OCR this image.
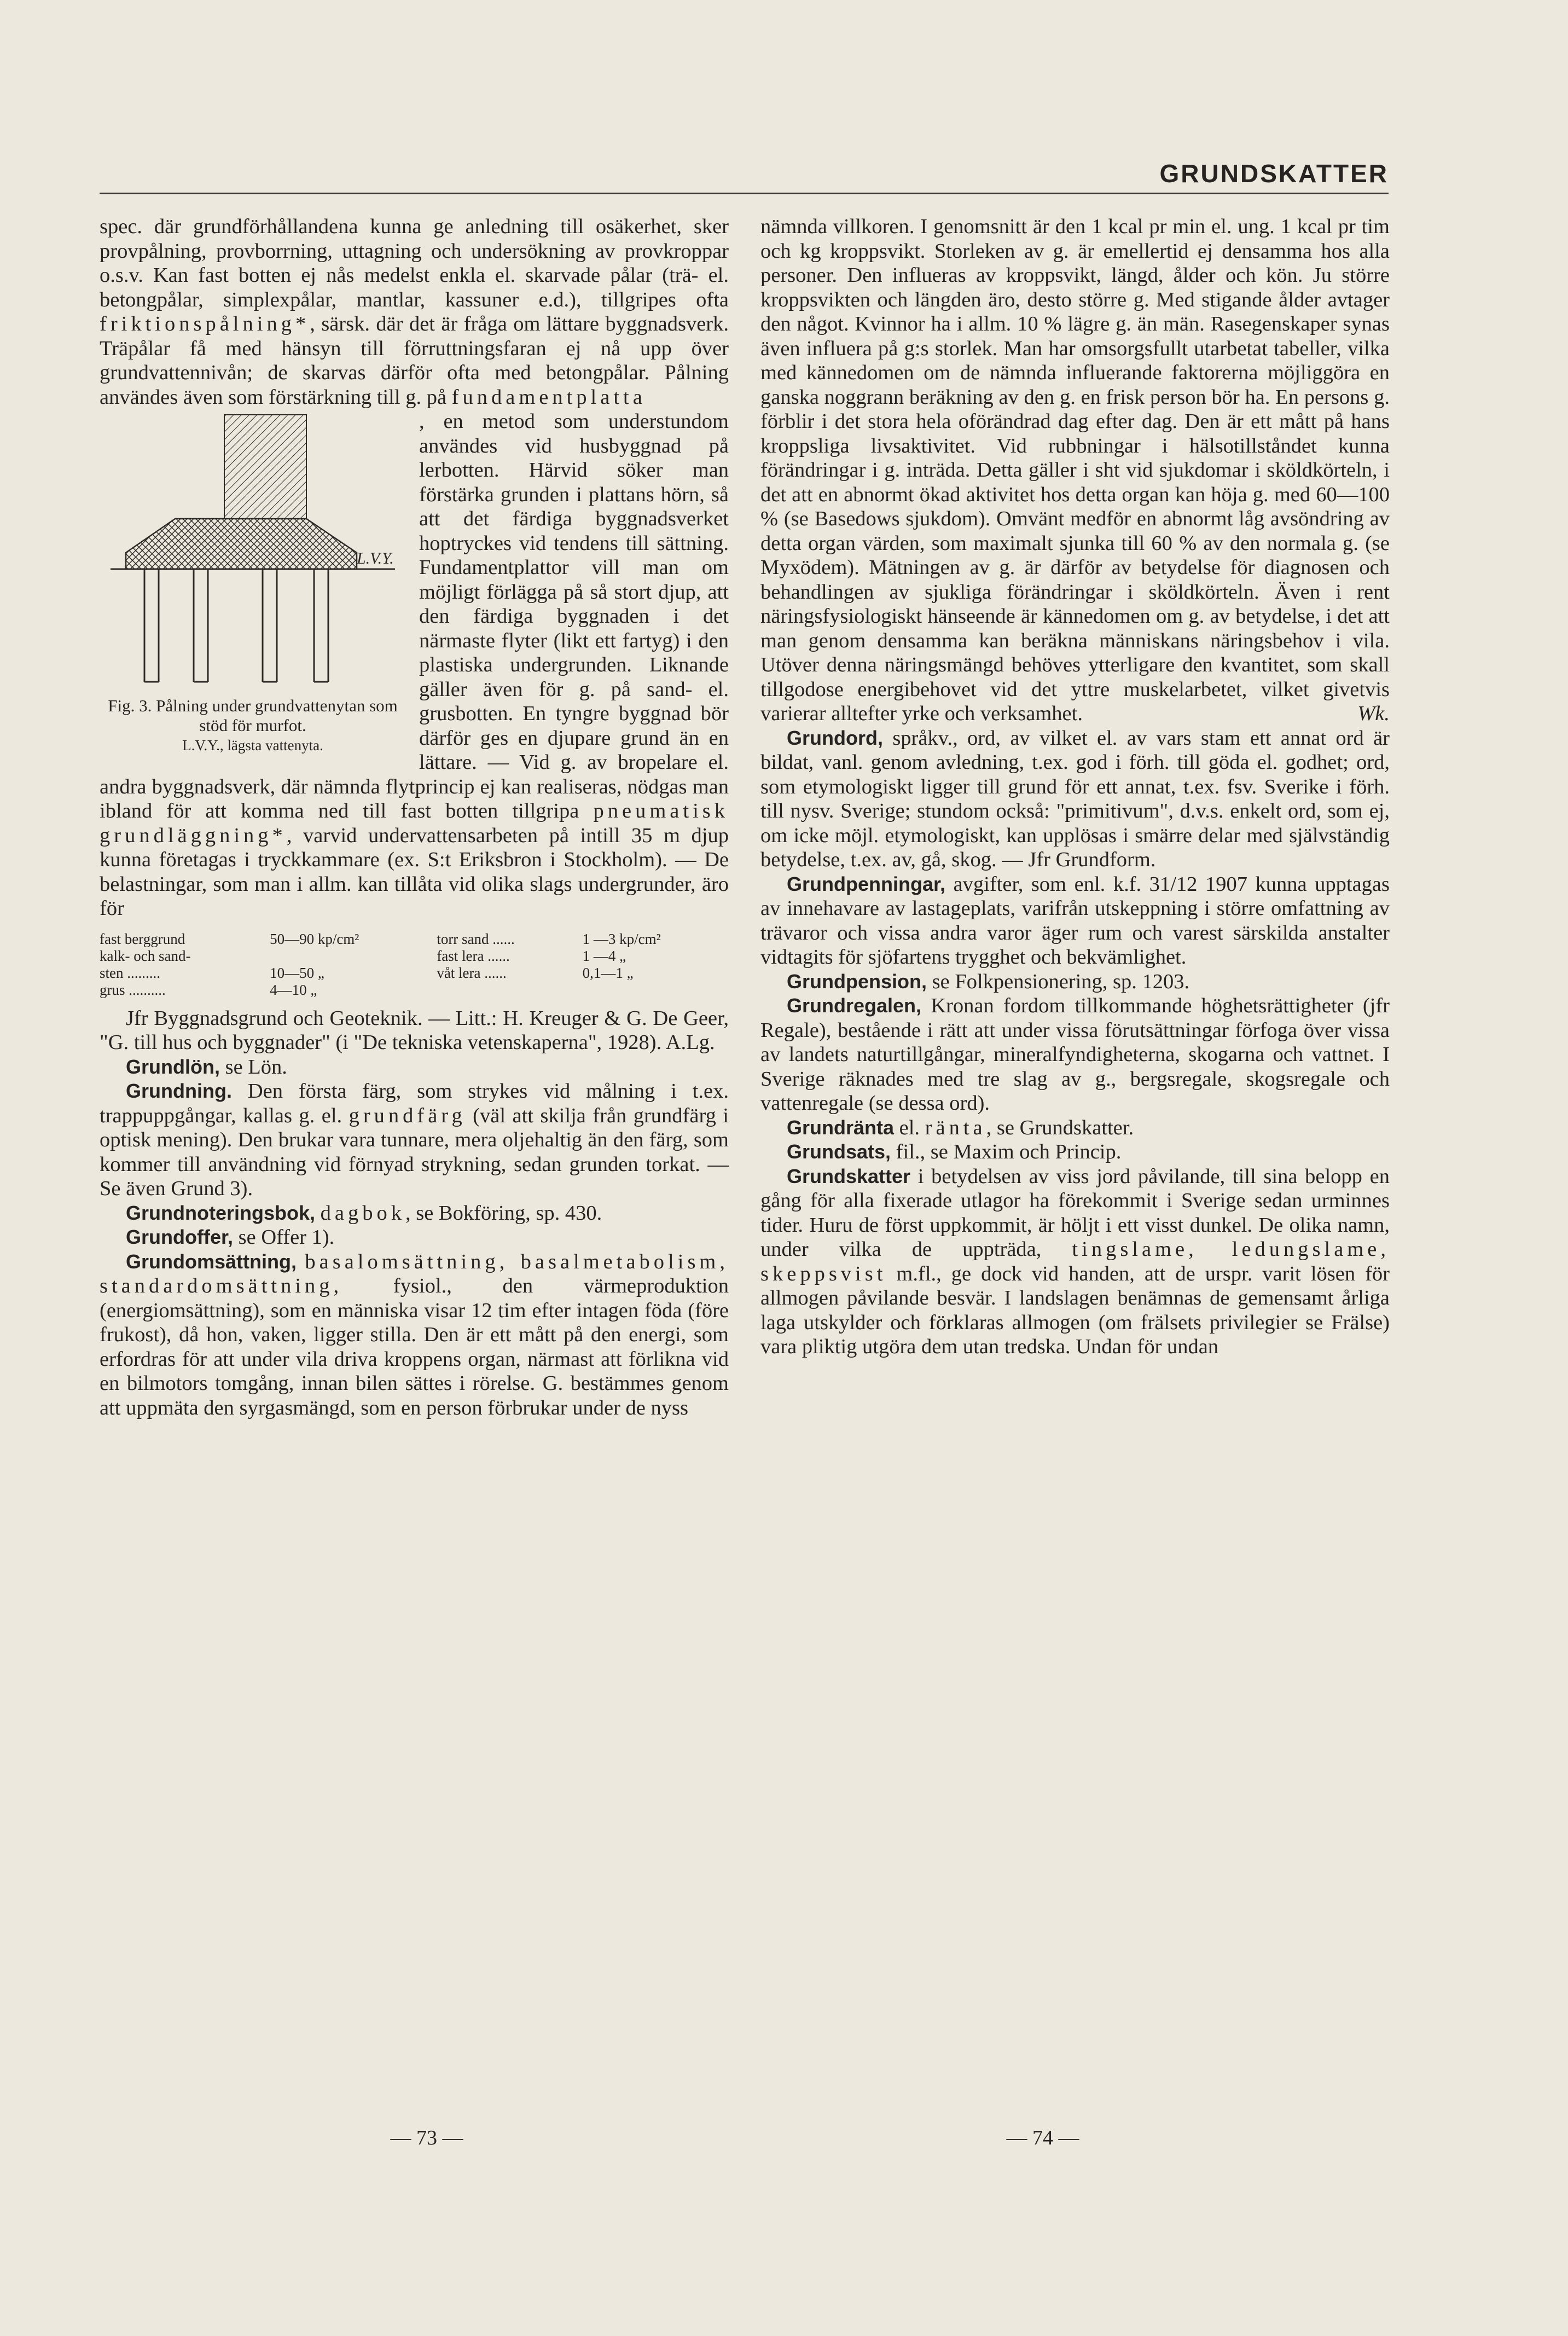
GRUNDSKATTER

spec. där grundförhållandena kunna ge anledning till osäkerhet, sker provpålning, provborrning, uttagning och undersökning av provkroppar o.s.v. Kan fast botten ej nås medelst enkla el. skarvade pålar (trä- el. betongpålar, simplexpålar, mantlar, kassuner e.d.), tillgripes ofta friktionspålning*, särsk. där det är fråga om lättare byggnadsverk. Träpålar få med hänsyn till förruttningsfaran ej nå upp över grundvattennivån; de skarvas därför ofta med betongpålar. Pålning användes även som förstärkning till g. på fundamentplatta

L.V.Y.
Fig. 3. Pålning under grundvattenytan som stöd för murfot.
L.V.Y., lägsta vattenyta.

, en metod som understundom användes vid husbyggnad på lerbotten. Härvid söker man förstärka grunden i plattans hörn, så att det färdiga byggnadsverket hoptryckes vid tendens till sättning. Fundamentplattor vill man om möjligt förlägga på så stort djup, att den färdiga byggnaden i det närmaste flyter (likt ett fartyg) i den plastiska undergrunden. Liknande gäller även för g. på sand- el. grusbotten. En tyngre byggnad bör därför ges en djupare grund än en lättare. — Vid g. av bropelare el. andra byggnadsverk, där nämnda flytprincip ej kan realiseras, nödgas man ibland för att komma ned till fast botten tillgripa pneumatisk grundläggning*, varvid undervattensarbeten på intill 35 m djup kunna företagas i tryckkammare (ex. S:t Eriksbron i Stockholm). — De belastningar, som man i allm. kan tillåta vid olika slags undergrunder, äro för

fast berggrund	50—90 kp/cm²	torr sand ......	1 —3 kp/cm²
kalk- och sand-		fast lera ......	1 —4 „
sten .........	10—50 „	våt lera ......	0,1—1 „
grus ..........	4—10 „		

Jfr Byggnadsgrund och Geoteknik. — Litt.: H. Kreuger & G. De Geer, "G. till hus och byggnader" (i "De tekniska vetenskaperna", 1928). A.Lg.

Grundlön, se Lön.

Grundning. Den första färg, som strykes vid målning i t.ex. trappuppgångar, kallas g. el. grundfärg (väl att skilja från grundfärg i optisk mening). Den brukar vara tunnare, mera oljehaltig än den färg, som kommer till användning vid förnyad strykning, sedan grunden torkat. — Se även Grund 3).

Grundnoteringsbok, dagbok, se Bokföring, sp. 430.

Grundoffer, se Offer 1).

Grundomsättning, basalomsättning, basalmetabolism, standardomsättning, fysiol., den värmeproduktion (energiomsättning), som en människa visar 12 tim efter intagen föda (före frukost), då hon, vaken, ligger stilla. Den är ett mått på den energi, som erfordras för att under vila driva kroppens organ, närmast att förlikna vid en bilmotors tomgång, innan bilen sättes i rörelse. G. bestämmes genom att uppmäta den syrgasmängd, som en person förbrukar under de nyss

nämnda villkoren. I genomsnitt är den 1 kcal pr min el. ung. 1 kcal pr tim och kg kroppsvikt. Storleken av g. är emellertid ej densamma hos alla personer. Den influeras av kroppsvikt, längd, ålder och kön. Ju större kroppsvikten och längden äro, desto större g. Med stigande ålder avtager den något. Kvinnor ha i allm. 10 % lägre g. än män. Rasegenskaper synas även influera på g:s storlek. Man har omsorgsfullt utarbetat tabeller, vilka med kännedomen om de nämnda influerande faktorerna möjliggöra en ganska noggrann beräkning av den g. en frisk person bör ha. En persons g. förblir i det stora hela oförändrad dag efter dag. Den är ett mått på hans kroppsliga livsaktivitet. Vid rubbningar i hälsotillståndet kunna förändringar i g. inträda. Detta gäller i sht vid sjukdomar i sköldkörteln, i det att en abnormt ökad aktivitet hos detta organ kan höja g. med 60—100 % (se Basedows sjukdom). Omvänt medför en abnormt låg avsöndring av detta organ värden, som maximalt sjunka till 60 % av den normala g. (se Myxödem). Mätningen av g. är därför av betydelse för diagnosen och behandlingen av sjukliga förändringar i sköldkörteln. Även i rent näringsfysiologiskt hänseende är kännedomen om g. av betydelse, i det att man genom densamma kan beräkna människans näringsbehov i vila. Utöver denna näringsmängd behöves ytterligare den kvantitet, som skall tillgodose energibehovet vid det yttre muskelarbetet, vilket givetvis varierar alltefter yrke och verksamhet.	Wk.

Grundord, språkv., ord, av vilket el. av vars stam ett annat ord är bildat, vanl. genom avledning, t.ex. god i förh. till göda el. godhet; ord, som etymologiskt ligger till grund för ett annat, t.ex. fsv. Sverike i förh. till nysv. Sverige; stundom också: "primitivum", d.v.s. enkelt ord, som ej, om icke möjl. etymologiskt, kan upplösas i smärre delar med självständig betydelse, t.ex. av, gå, skog. — Jfr Grundform.

Grundpenningar, avgifter, som enl. k.f. 31/12 1907 kunna upptagas av innehavare av lastageplats, varifrån utskeppning i större omfattning av trävaror och vissa andra varor äger rum och varest särskilda anstalter vidtagits för sjöfartens trygghet och bekvämlighet.

Grundpension, se Folkpensionering, sp. 1203.

Grundregalen, Kronan fordom tillkommande höghetsrättigheter (jfr Regale), bestående i rätt att under vissa förutsättningar förfoga över vissa av landets naturtillgångar, mineralfyndigheterna, skogarna och vattnet. I Sverige räknades med tre slag av g., bergsregale, skogsregale och vattenregale (se dessa ord).

Grundränta el. ränta, se Grundskatter.

Grundsats, fil., se Maxim och Princip.

Grundskatter i betydelsen av viss jord påvilande, till sina belopp en gång för alla fixerade utlagor ha förekommit i Sverige sedan urminnes tider. Huru de först uppkommit, är höljt i ett visst dunkel. De olika namn, under vilka de uppträda, tingslame, ledungslame, skeppsvist m.fl., ge dock vid handen, att de urspr. varit lösen för allmogen påvilande besvär. I landslagen benämnas de gemensamt årliga laga utskylder och förklaras allmogen (om frälsets privilegier se Frälse) vara pliktig utgöra dem utan tredska. Undan för undan

— 73 —	— 74 —
